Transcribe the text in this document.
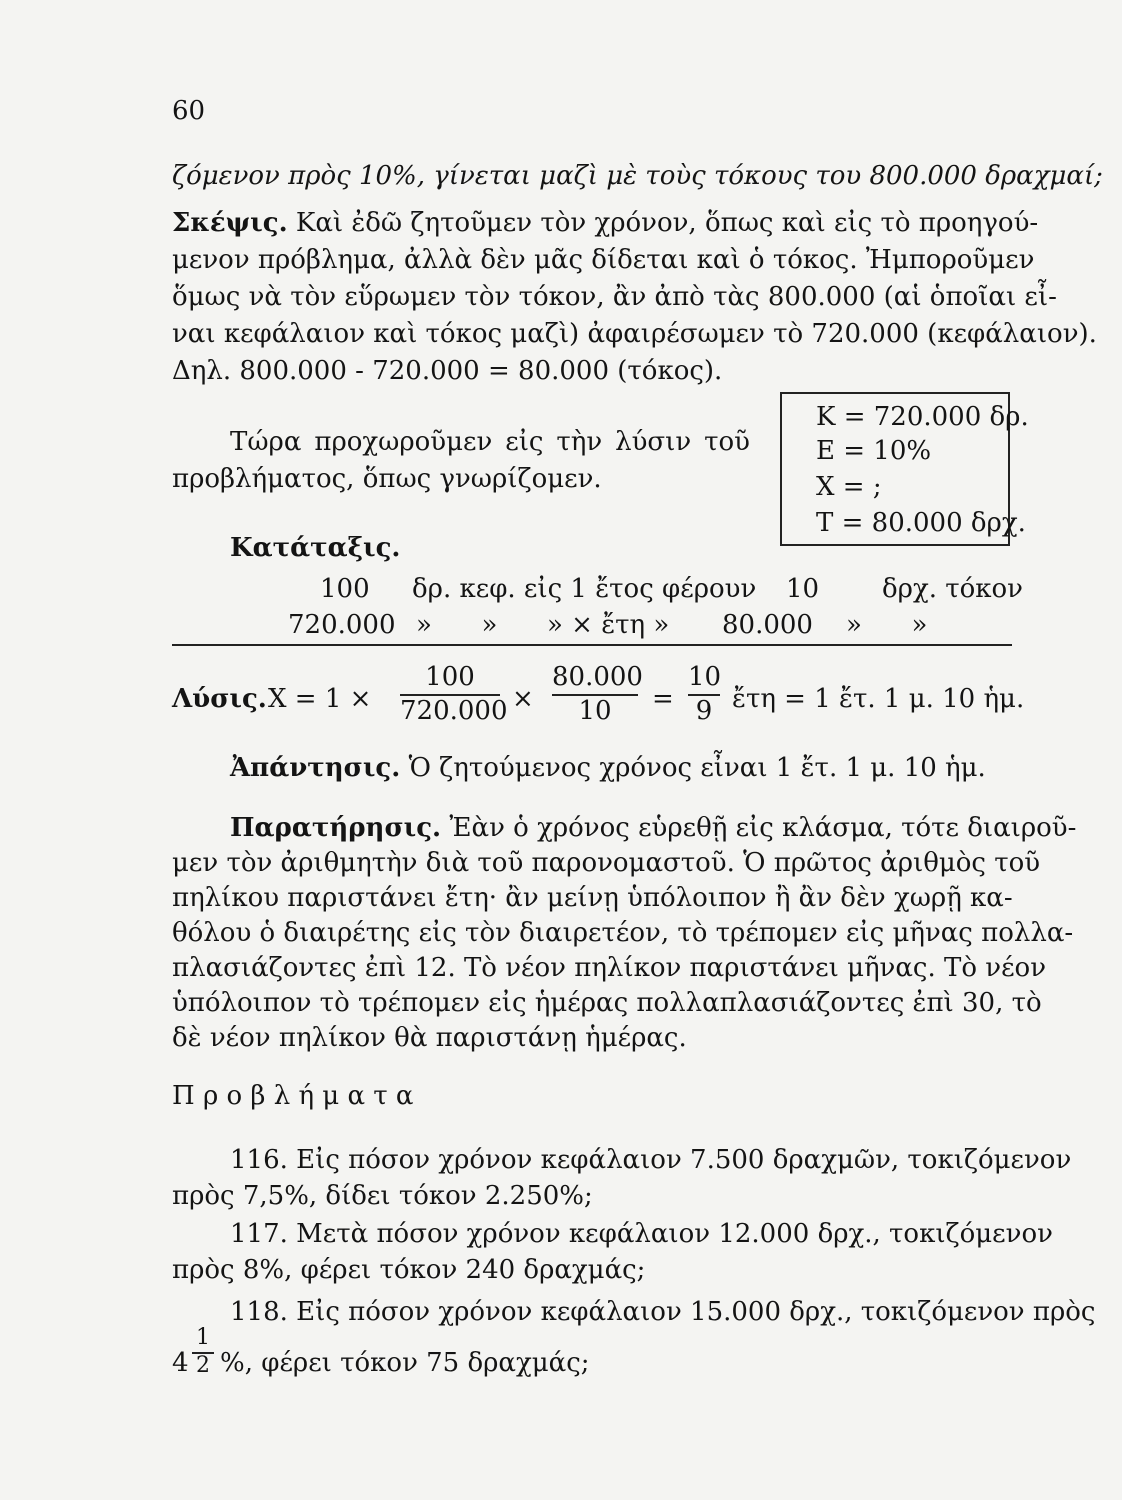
60
ζόμενον πρὸς 10%, γίνεται μαζὶ μὲ τοὺς τόκους του 800.000 δραχμαί;
Σκέψις. Καὶ ἐδῶ ζητοῦμεν τὸν χρόνον, ὅπως καὶ εἰς τὸ προηγού-
μενον πρόβλημα, ἀλλὰ δὲν μᾶς δίδεται καὶ ὁ τόκος. Ἠμποροῦμεν
ὅμως νὰ τὸν εὕρωμεν τὸν τόκον, ἂν ἀπὸ τὰς 800.000 (αἱ ὁποῖαι εἶ-
ναι κεφάλαιον καὶ τόκος μαζὶ) ἀφαιρέσωμεν τὸ 720.000 (κεφάλαιον).
Δηλ. 800.000 - 720.000 = 80.000 (τόκος).
Τώρα προχωροῦμεν εἰς τὴν λύσιν τοῦ
προβλήματος, ὅπως γνωρίζομεν.
Κ = 720.000 δρ.
Ε = 10%
Χ = ;
Τ = 80.000 δρχ.
Κατάταξις.
100 δρ. κεφ. εἰς 1 ἔτος φέρουν 10 δρχ. τόκον
720.000 »      »      » × ἔτη » 80.000 »      »
Λύσις. Χ = 1 ×
100
720.000 ×
80.000
10	=
10
9 ἔτη = 1 ἔτ. 1 μ. 10 ἡμ.
Ἀπάντησις. Ὁ ζητούμενος χρόνος εἶναι 1 ἔτ. 1 μ. 10 ἡμ.
Παρατήρησις. Ἐὰν ὁ χρόνος εὑρεθῇ εἰς κλάσμα, τότε διαιροῦ-
μεν τὸν ἀριθμητὴν διὰ τοῦ παρονομαστοῦ. Ὁ πρῶτος ἀριθμὸς τοῦ
πηλίκου παριστάνει ἔτη· ἂν μείνῃ ὑπόλοιπον ἢ ἂν δὲν χωρῇ κα-
θόλου ὁ διαιρέτης εἰς τὸν διαιρετέον, τὸ τρέπομεν εἰς μῆνας πολλα-
πλασιάζοντες ἐπὶ 12. Τὸ νέον πηλίκον παριστάνει μῆνας. Τὸ νέον
ὑπόλοιπον τὸ τρέπομεν εἰς ἡμέρας πολλαπλασιάζοντες ἐπὶ 30, τὸ
δὲ νέον πηλίκον θὰ παριστάνῃ ἡμέρας.
Π ρ ο β λ ή μ α τ α
116. Εἰς πόσον χρόνον κεφάλαιον 7.500 δραχμῶν, τοκιζόμενον
πρὸς 7,5%, δίδει τόκον 2.250%;
117. Μετὰ πόσον χρόνον κεφάλαιον 12.000 δρχ., τοκιζόμενον
πρὸς 8%, φέρει τόκον 240 δραχμάς;
118. Εἰς πόσον χρόνον κεφάλαιον 15.000 δρχ., τοκιζόμενον πρὸς
4
1
2 %, φέρει τόκον 75 δραχμάς;
